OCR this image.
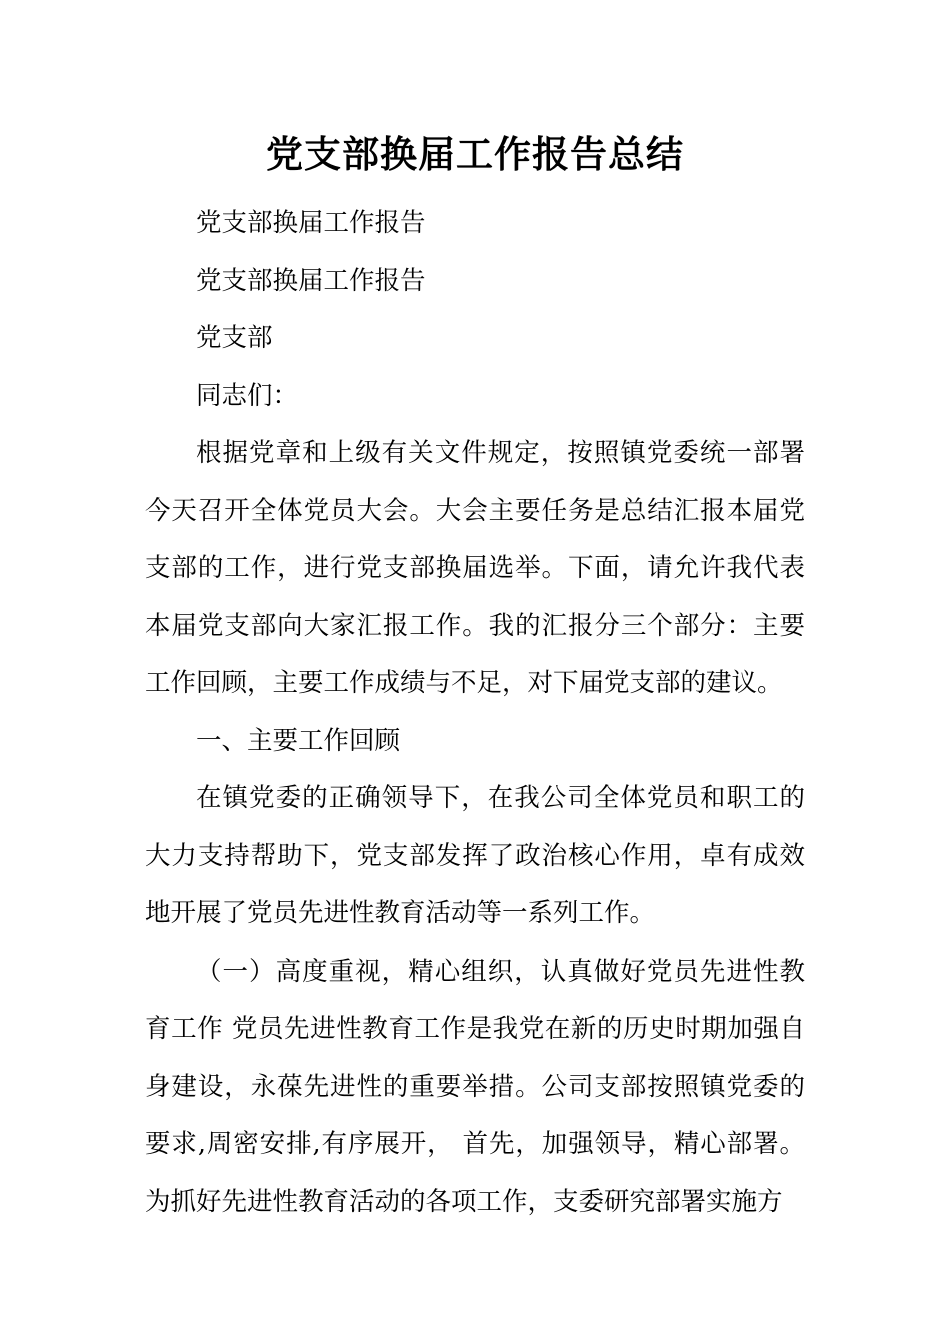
党支部换届工作报告总结

党支部换届工作报告

党支部换届工作报告

党支部

同志们：

根据党章和上级有关文件规定，按照镇党委统一部署今天召开全体党员大会。大会主要任务是总结汇报本届党支部的工作，进行党支部换届选举。下面，请允许我代表本届党支部向大家汇报工作。我的汇报分三个部分：主要工作回顾，主要工作成绩与不足，对下届党支部的建议。

一、主要工作回顾

在镇党委的正确领导下，在我公司全体党员和职工的大力支持帮助下，党支部发挥了政治核心作用，卓有成效地开展了党员先进性教育活动等一系列工作。

（一）高度重视，精心组织，认真做好党员先进性教育工作 党员先进性教育工作是我党在新的历史时期加强自身建设，永葆先进性的重要举措。公司支部按照镇党委的要求,周密安排,有序展开， 首先，加强领导，精心部署。为抓好先进性教育活动的各项工作，支委研究部署实施方
